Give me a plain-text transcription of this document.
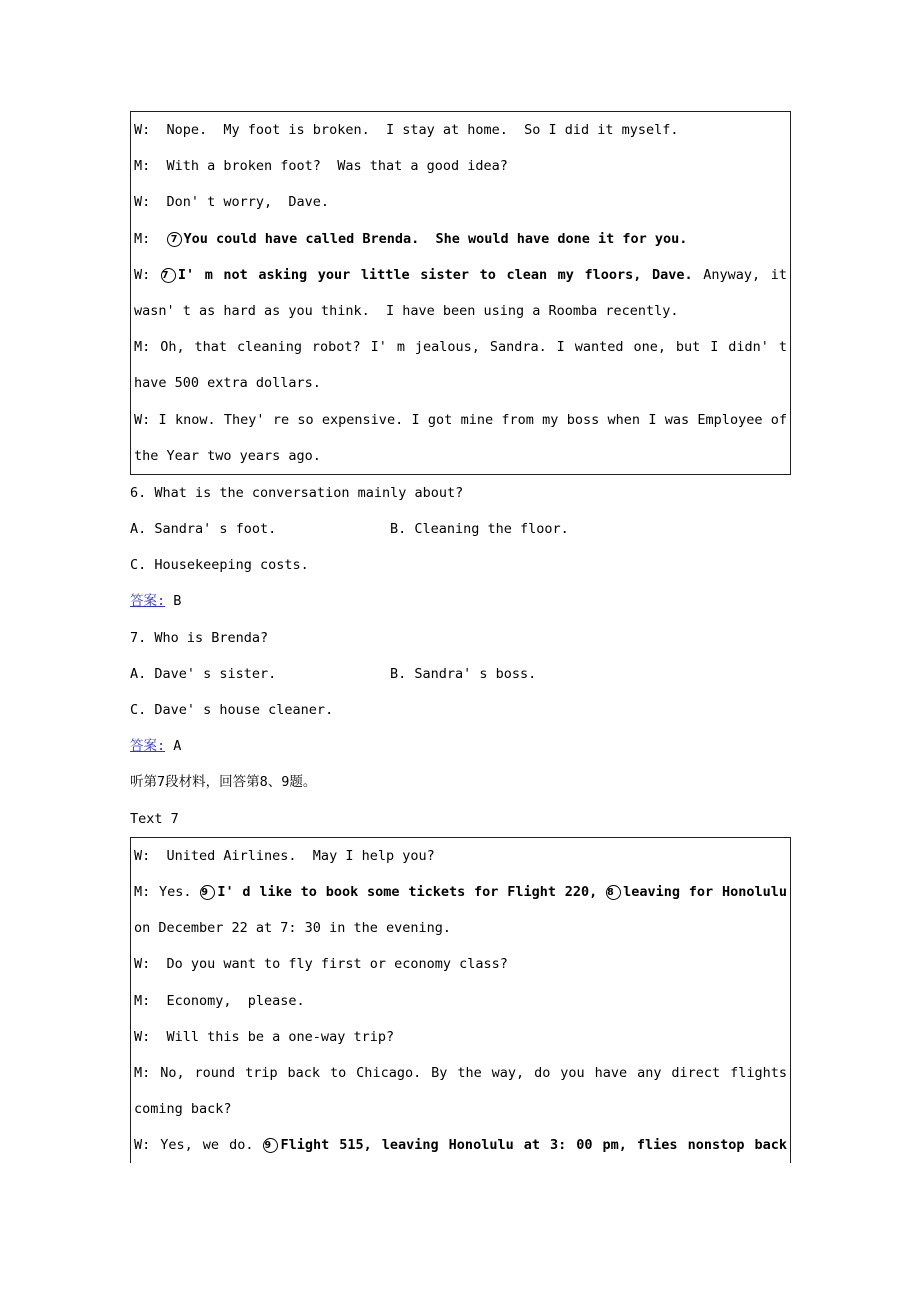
W:  Nope.  My foot is broken.  I stay at home.  So I did it myself.
M:  With a broken foot?  Was that a good idea?
W:  Don' t worry,  Dave.
M:  7 You could have called Brenda.  She would have done it for you.
W: 7 I' m not asking your little sister to clean my floors, Dave. Anyway, it
wasn' t as hard as you think.  I have been using a Roomba recently.
M: Oh, that cleaning robot? I' m jealous, Sandra. I wanted one, but I didn' t
have 500 extra dollars.
W: I know. They' re so expensive. I got mine from my boss when I was Employee of
the Year two years ago.
6. What is the conversation mainly about?
A. Sandra' s foot.	B. Cleaning the floor.
C. Housekeeping costs.
答案: B
7. Who is Brenda?
A. Dave' s sister.	B. Sandra' s boss.
C. Dave' s house cleaner.
答案: A
听第7段材料，回答第8、9题。
Text 7
W:  United Airlines.  May I help you?
M: Yes. 9 I' d like to book some tickets for Flight 220, 8 leaving for Honolulu
on December 22 at 7: 30 in the evening.
W:  Do you want to fly first or economy class?
M:  Economy,  please.
W:  Will this be a one-way trip?
M: No, round trip back to Chicago. By the way, do you have any direct flights
coming back?
W: Yes, we do. 9 Flight 515, leaving Honolulu at 3: 00 pm, flies nonstop back
